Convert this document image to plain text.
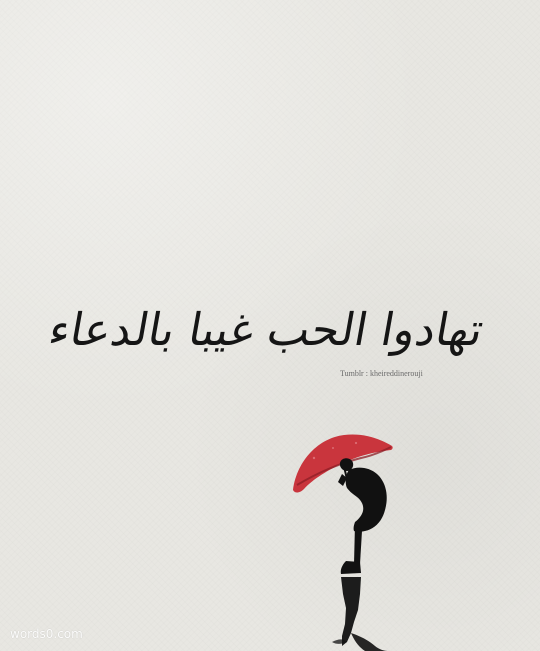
تهادوا الحب غيبا بالدعاء
Tumblr : kheireddinerouji
words0.com
